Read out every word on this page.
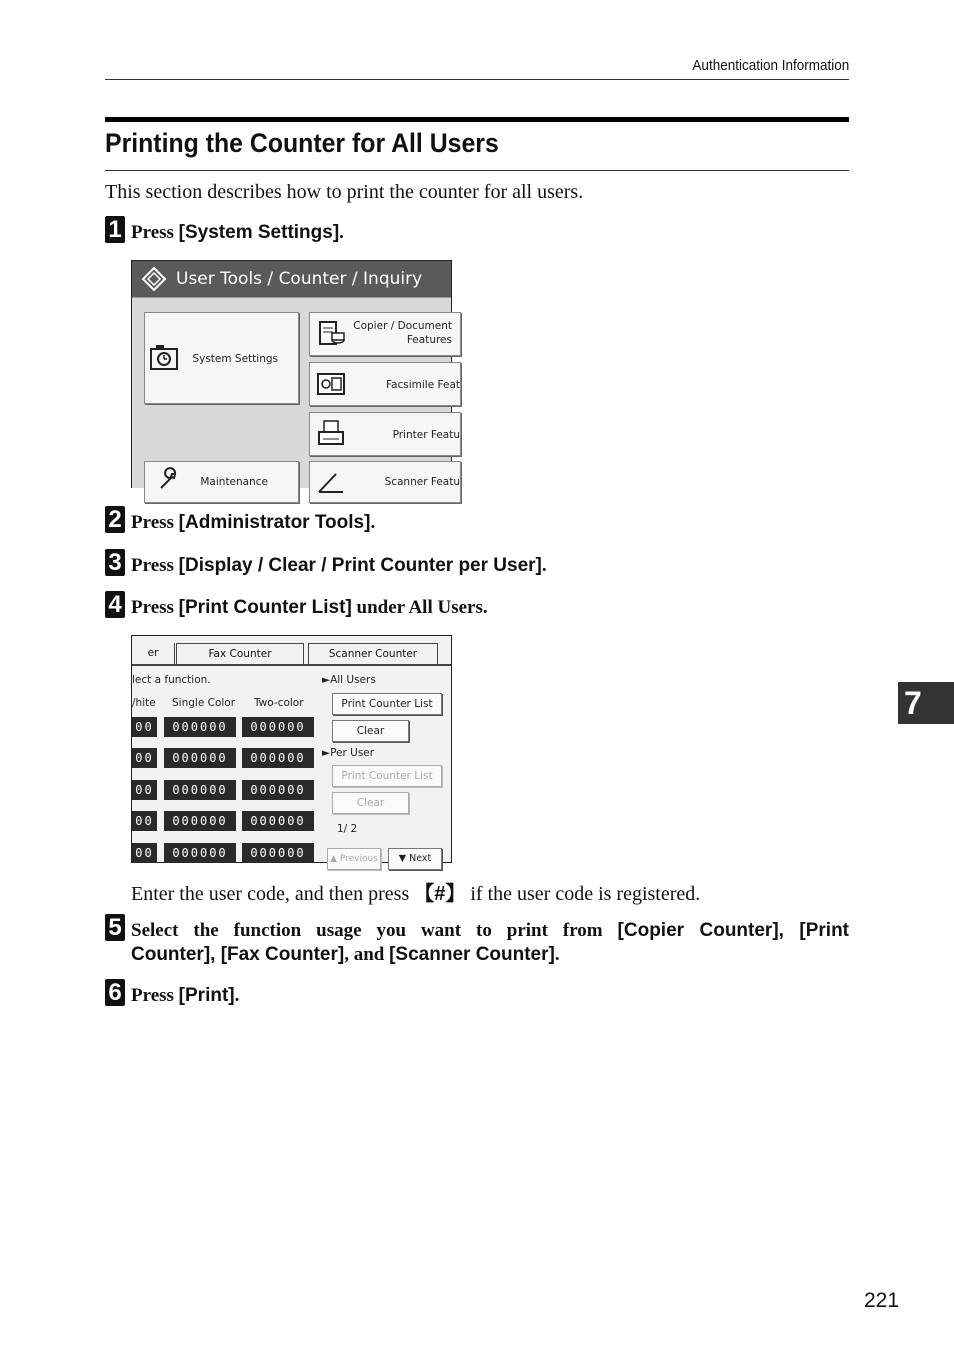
Authentication Information
Printing the Counter for All Users
This section describes how to print the counter for all users.
1 Press [System Settings].
User Tools / Counter / Inquiry
System Settings
Copier / Document
Features
Facsimile Feat
Printer Featu
Maintenance	Scanner Featu
2 Press [Administrator Tools].
3 Press [Display / Clear / Print Counter per User].
4 Press [Print Counter List] under All Users.
er	Fax Counter	Scanner Counter
lect a function.
/hite Single Color Two-color
00	000000	000000
00	000000	000000
00	000000	000000
00	000000	000000
00	000000	000000
►All Users
Print Counter List
Clear
►Per User
Print Counter List
Clear
1/ 2
▲ Previous	▼ Next
Enter the user code, and then press 【#】 if the user code is registered.
5 Select the function usage you want to print from [Copier Counter], [Print
Counter], [Fax Counter], and [Scanner Counter].
6 Press [Print].
7
221
